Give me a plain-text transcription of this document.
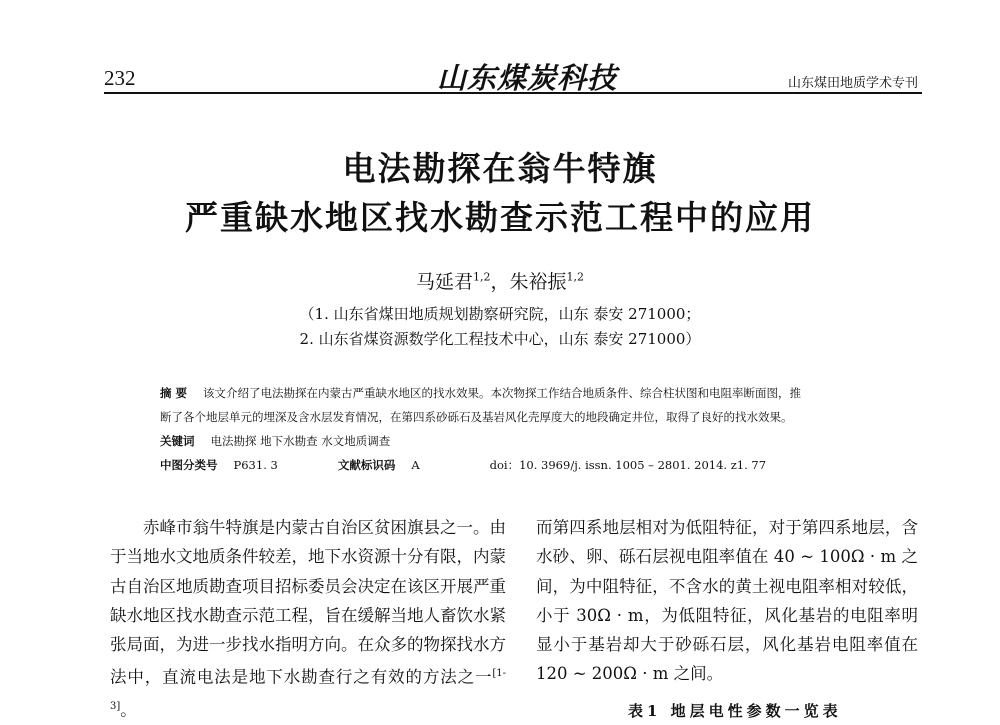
232	山东煤炭科技	山东煤田地质学术专刊
电法勘探在翁牛特旗
严重缺水地区找水勘查示范工程中的应用
马延君$^{1,2}$，朱裕振$^{1,2}$
（1. 山东省煤田地质规划勘察研究院，山东 泰安 271000；
2. 山东省煤资源数学化工程技术中心，山东 泰安 271000）
摘 要 该文介绍了电法勘探在内蒙古严重缺水地区的找水效果。本次物探工作结合地质条件、综合柱状图和电阻率断面图，推
断了各个地层单元的埋深及含水层发育情况，在第四系砂砾石及基岩风化壳厚度大的地段确定井位，取得了良好的找水效果。
关键词 电法勘探 地下水勘查 水文地质调查
中图分类号 P631. 3	文献标识码 A	doi：10. 3969/j. issn. 1005 – 2801. 2014. z1. 77

赤峰市翁牛特旗是内蒙古自治区贫困旗县之一。由于当地水文地质条件较差，地下水资源十分有限，内蒙古自治区地质勘查项目招标委员会决定在该区开展严重缺水地区找水勘查示范工程，旨在缓解当地人畜饮水紧张局面，为进一步找水指明方向。在众多的物探找水方法中，直流电法是地下水勘查行之有效的方法之一[1-3]。

而第四系地层相对为低阻特征，对于第四系地层，含水砂、卵、砾石层视电阻率值在 40 ~ 100Ω · m 之间，为中阻特征，不含水的黄土视电阻率相对较低，小于 30Ω · m，为低阻特征，风化基岩的电阻率明显小于基岩却大于砂砾石层，风化基岩电阻率值在 120 ~ 200Ω · m 之间。

表1 地层电性参数一览表
